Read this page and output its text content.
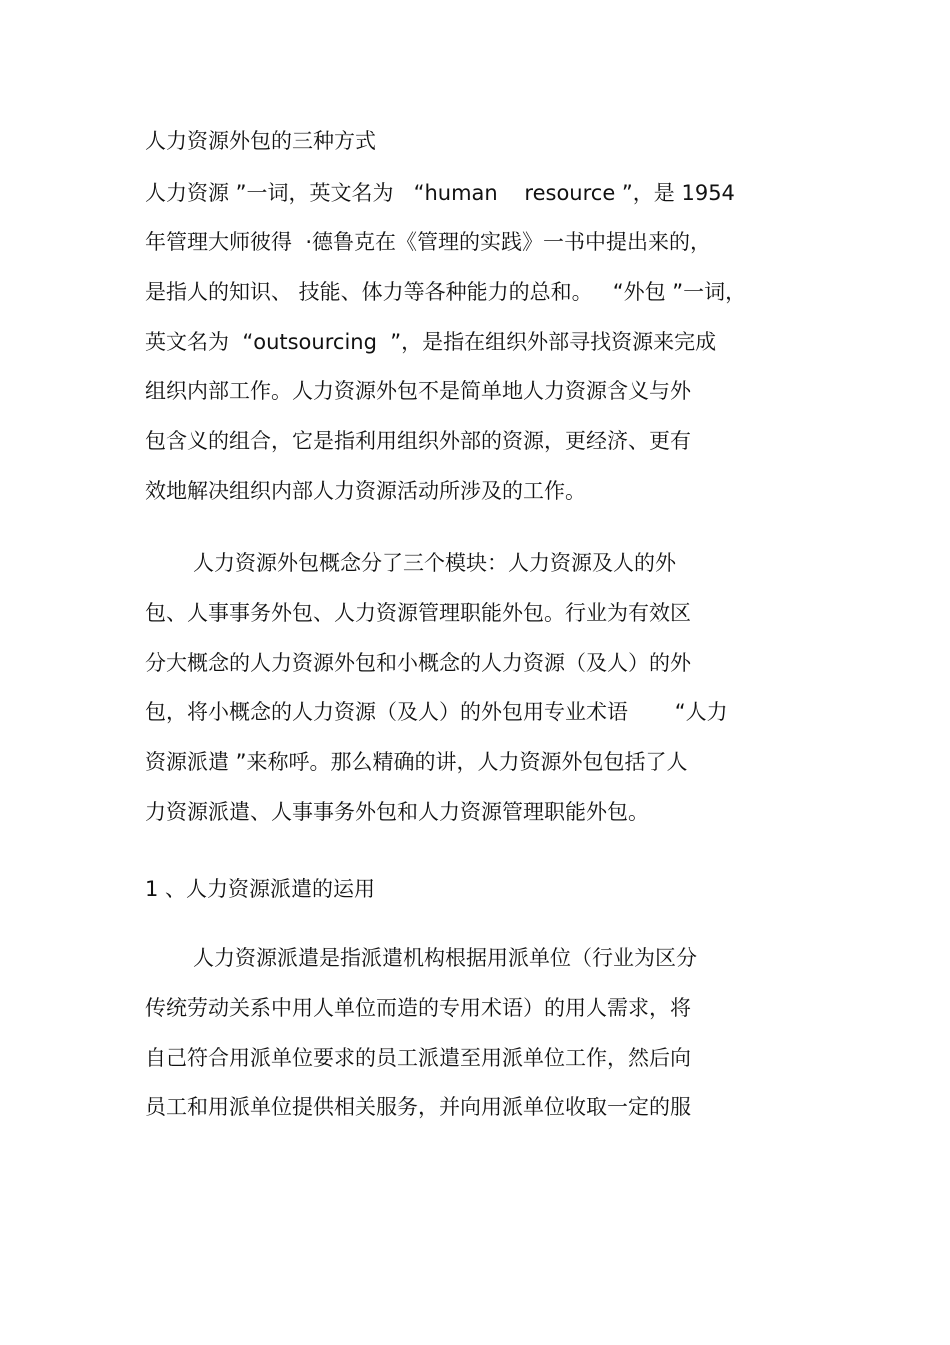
人力资源外包的三种方式
人力资源 ”一词，英文名为   “human    resource ”，是 1954
年管理大师彼得  ·德鲁克在《管理的实践》一书中提出来的，
是指人的知识、 技能、体力等各种能力的总和。   “外包 ”一词，
英文名为  “outsourcing  ”，是指在组织外部寻找资源来完成
组织内部工作。人力资源外包不是简单地人力资源含义与外
包含义的组合，它是指利用组织外部的资源，更经济、更有
效地解决组织内部人力资源活动所涉及的工作。
人力资源外包概念分了三个模块：人力资源及人的外
包、人事事务外包、人力资源管理职能外包。行业为有效区
分大概念的人力资源外包和小概念的人力资源（及人）的外
包，将小概念的人力资源（及人）的外包用专业术语       “人力
资源派遣 ”来称呼。那么精确的讲，人力资源外包包括了人
力资源派遣、人事事务外包和人力资源管理职能外包。
1 、人力资源派遣的运用
人力资源派遣是指派遣机构根据用派单位（行业为区分
传统劳动关系中用人单位而造的专用术语）的用人需求，将
自己符合用派单位要求的员工派遣至用派单位工作，然后向
员工和用派单位提供相关服务，并向用派单位收取一定的服
